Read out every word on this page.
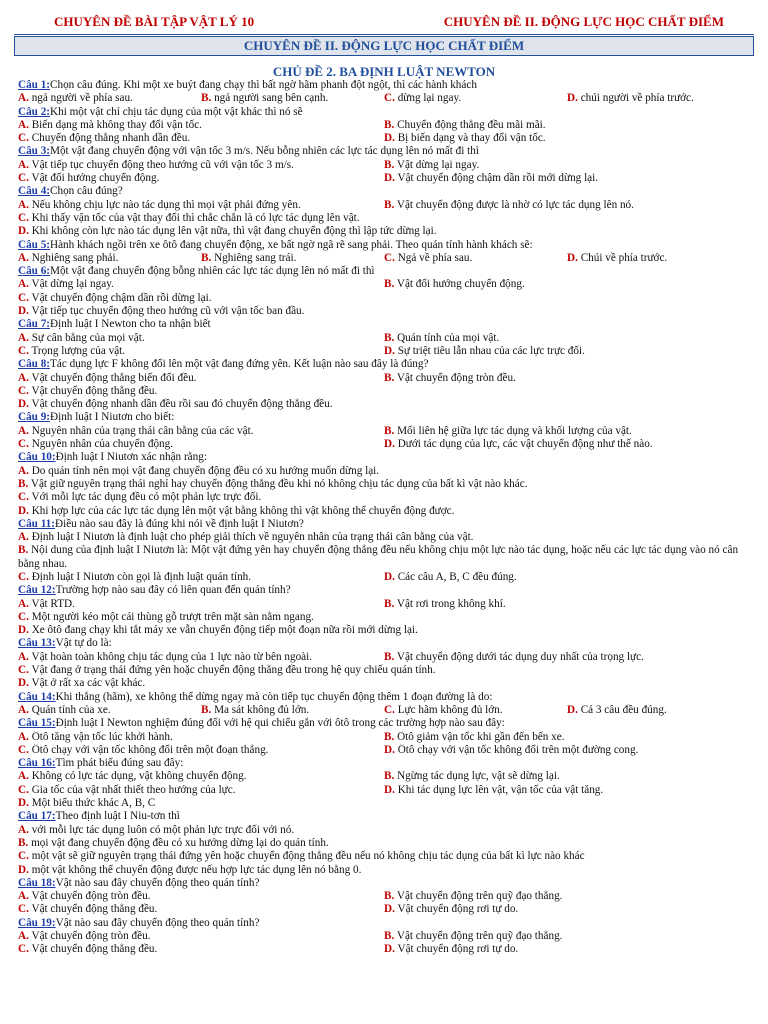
CHUYÊN ĐỀ BÀI TẬP VẬT LÝ 10	CHUYÊN ĐỀ II. ĐỘNG LỰC HỌC CHẤT ĐIỂM
CHUYÊN ĐỀ II. ĐỘNG LỰC HỌC CHẤT ĐIỂM
CHỦ ĐỀ 2. BA ĐỊNH LUẬT NEWTON
Câu 1: Chọn câu đúng. Khi một xe buýt đang chạy thì bất ngờ hãm phanh đột ngột, thì các hành khách
A. ngả người về phía sau.	B. ngả người sang bên cạnh.	C. dừng lại ngay.	D. chúi người về phía trước.
Câu 2: Khi một vật chỉ chịu tác dụng của một vật khác thì nó sẽ
A. Biến dạng mà không thay đổi vận tốc.	B. Chuyển động thẳng đều mãi mãi.
C. Chuyển động thẳng nhanh dần đều.	D. Bị biến dạng và thay đổi vận tốc.
Câu 3: Một vật đang chuyển động với vận tốc 3 m/s. Nếu bỗng nhiên các lực tác dụng lên nó mất đi thì
A. Vật tiếp tục chuyển động theo hướng cũ với vận tốc 3 m/s.	B. Vật dừng lại ngay.
C. Vật đổi hướng chuyển động.	D. Vật chuyển động chậm dần rồi mới dừng lại.
Câu 4: Chọn câu đúng?
A. Nếu không chịu lực nào tác dụng thì mọi vật phải đứng yên.	B. Vật chuyển động được là nhờ có lực tác dụng lên nó.
C. Khi thấy vận tốc của vật thay đổi thì chắc chắn là có lực tác dụng lên vật.
D. Khi không còn lực nào tác dụng lên vật nữa, thì vật đang chuyển động thì lập tức dừng lại.
Câu 5: Hành khách ngồi trên xe ôtô đang chuyển động, xe bất ngờ ngã rẽ sang phải. Theo quán tính hành khách sẽ:
A. Nghiêng sang phải.	B. Nghiêng sang trái.	C. Ngả về phía sau.	D. Chúi về phía trước.
Câu 6: Một vật đang chuyển động bỗng nhiên các lực tác dụng lên nó mất đi thì
A. Vật dừng lại ngay.	B. Vật đổi hướng chuyển động.
C. Vật chuyển động chậm dần rồi dừng lại.
D. Vật tiếp tục chuyển động theo hướng cũ với vận tốc ban đầu.
Câu 7: Định luật I Newton cho ta nhận biết
A. Sự cân bằng của mọi vật.	B. Quán tính của mọi vật.
C. Trọng lượng của vật.	D. Sự triệt tiêu lẫn nhau của các lực trực đối.
Câu 8: Tác dụng lực F không đổi lên một vật đang đứng yên. Kết luận nào sau đây là đúng?
A. Vật chuyển động thẳng biến đổi đều.	B. Vật chuyển động tròn đều.
C. Vật chuyển động thẳng đều.
D. Vật chuyển động nhanh dần đều rồi sau đó chuyển động thẳng đều.
Câu 9: Định luật I Niutơn cho biết:
A. Nguyên nhân của trạng thái cân bằng của các vật.	B. Mối liên hệ giữa lực tác dụng và khối lượng của vật.
C. Nguyên nhân của chuyển động.	D. Dưới tác dụng của lực, các vật chuyển động như thế nào.
Câu 10: Định luật I Niutơn xác nhận rằng:
A. Do quán tính nên mọi vật đang chuyển động đều có xu hướng muốn dừng lại.
B. Vật giữ nguyên trạng thái nghỉ hay chuyển động thẳng đều khi nó không chịu tác dụng của bất kì vật nào khác.
C. Với mỗi lực tác dụng đều có một phản lực trực đối.
D. Khi hợp lực của các lực tác dụng lên một vật bằng không thì vật không thể chuyển động được.
Câu 11: Điều nào sau đây là đúng khi nói về định luật I Niutơn?
A. Định luật I Niutơn là định luật cho phép giải thích về nguyên nhân của trạng thái cân bằng của vật.
B. Nội dung của định luật I Niutơn là: Một vật đứng yên hay chuyển động thẳng đều nếu không chịu một lực nào tác dụng, hoặc nếu các lực tác dụng vào nó cân bằng nhau.
C. Định luật I Niutơn còn gọi là định luật quán tính.	D. Các câu A, B, C đều đúng.
Câu 12: Trường hợp nào sau đây có liên quan đến quán tính?
A. Vật RTD.	B. Vật rơi trong không khí.
C. Một người kéo một cái thùng gỗ trượt trên mặt sàn nằm ngang.
D. Xe ôtô đang chạy khi tắt máy xe vẫn chuyển động tiếp một đoạn nữa rồi mới dừng lại.
Câu 13: Vật tự do là:
A. Vật hoàn toàn không chịu tác dụng của 1 lực nào từ bên ngoài.	B. Vật chuyển động dưới tác dụng duy nhất của trọng lực.
C. Vật đang ở trạng thái đứng yên hoặc chuyển động thẳng đều trong hệ quy chiếu quán tính.
D. Vật ở rất xa các vật khác.
Câu 14: Khi thắng (hãm), xe không thể dừng ngay mà còn tiếp tục chuyển động thêm 1 đoạn đường là do:
A. Quán tính của xe.	B. Ma sát không đủ lớn.	C. Lực hãm không đủ lớn.	D. Cả 3 câu đều đúng.
Câu 15: Định luật I Newton nghiệm đúng đối với hệ qui chiếu gắn với ôtô trong các trường hợp nào sau đây:
A. Ôtô tăng vận tốc lúc khởi hành.	B. Ôtô giảm vận tốc khi gần đến bến xe.
C. Ôtô chạy với vận tốc không đổi trên một đoạn thẳng.	D. Ôtô chạy với vận tốc không đổi trên một đường cong.
Câu 16: Tìm phát biểu đúng sau đây:
A. Không có lực tác dụng, vật không chuyển động.	B. Ngừng tác dụng lực, vật sẽ dừng lại.
C. Gia tốc của vật nhất thiết theo hướng của lực.	D. Khi tác dụng lực lên vật, vận tốc của vật tăng.
D. Một biểu thức khác A, B, C
Câu 17: Theo định luật I Niu-tơn thì
A. với mỗi lực tác dụng luôn có một phản lực trực đối với nó.
B. mọi vật đang chuyển động đều có xu hướng dừng lại do quán tính.
C. một vật sẽ giữ nguyên trạng thái đứng yên hoặc chuyển động thẳng đều nếu nó không chịu tác dụng của bất kì lực nào khác
D. một vật không thể chuyển động được nếu hợp lực tác dụng lên nó bằng 0.
Câu 18: Vật nào sau đây chuyển động theo quán tính?
A. Vật chuyển động tròn đều.	B. Vật chuyển động trên quỹ đạo thẳng.
C. Vật chuyển động thẳng đều.	D. Vật chuyển động rơi tự do.
Câu 19: Vật nào sau đây chuyển động theo quán tính?
A. Vật chuyển động tròn đều.	B. Vật chuyển động trên quỹ đạo thẳng.
C. Vật chuyển động thẳng đều.	D. Vật chuyển động rơi tự do.
